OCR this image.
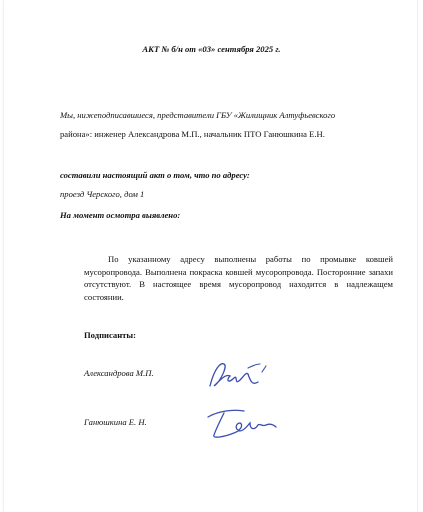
АКТ № б/н от «03» сентября 2025 г.
Мы, нижеподписавшиеся, представители ГБУ «Жилищник Алтуфьевского
района»: инженер Александрова М.П., начальник ПТО Ганюшкина Е.Н.
составили настоящий акт о том, что по адресу:
проезд Черского, дом 1
На момент осмотра выявлено:
По указанному адресу выполнены работы по промывке ковшей мусоропровода. Выполнена покраска ковшей мусоропровода. Посторонние запахи отсутствуют. В настоящее время мусоропровод находится в надлежащем состоянии.
Подписанты:
Александрова М.П.
Ганюшкина Е. Н.
